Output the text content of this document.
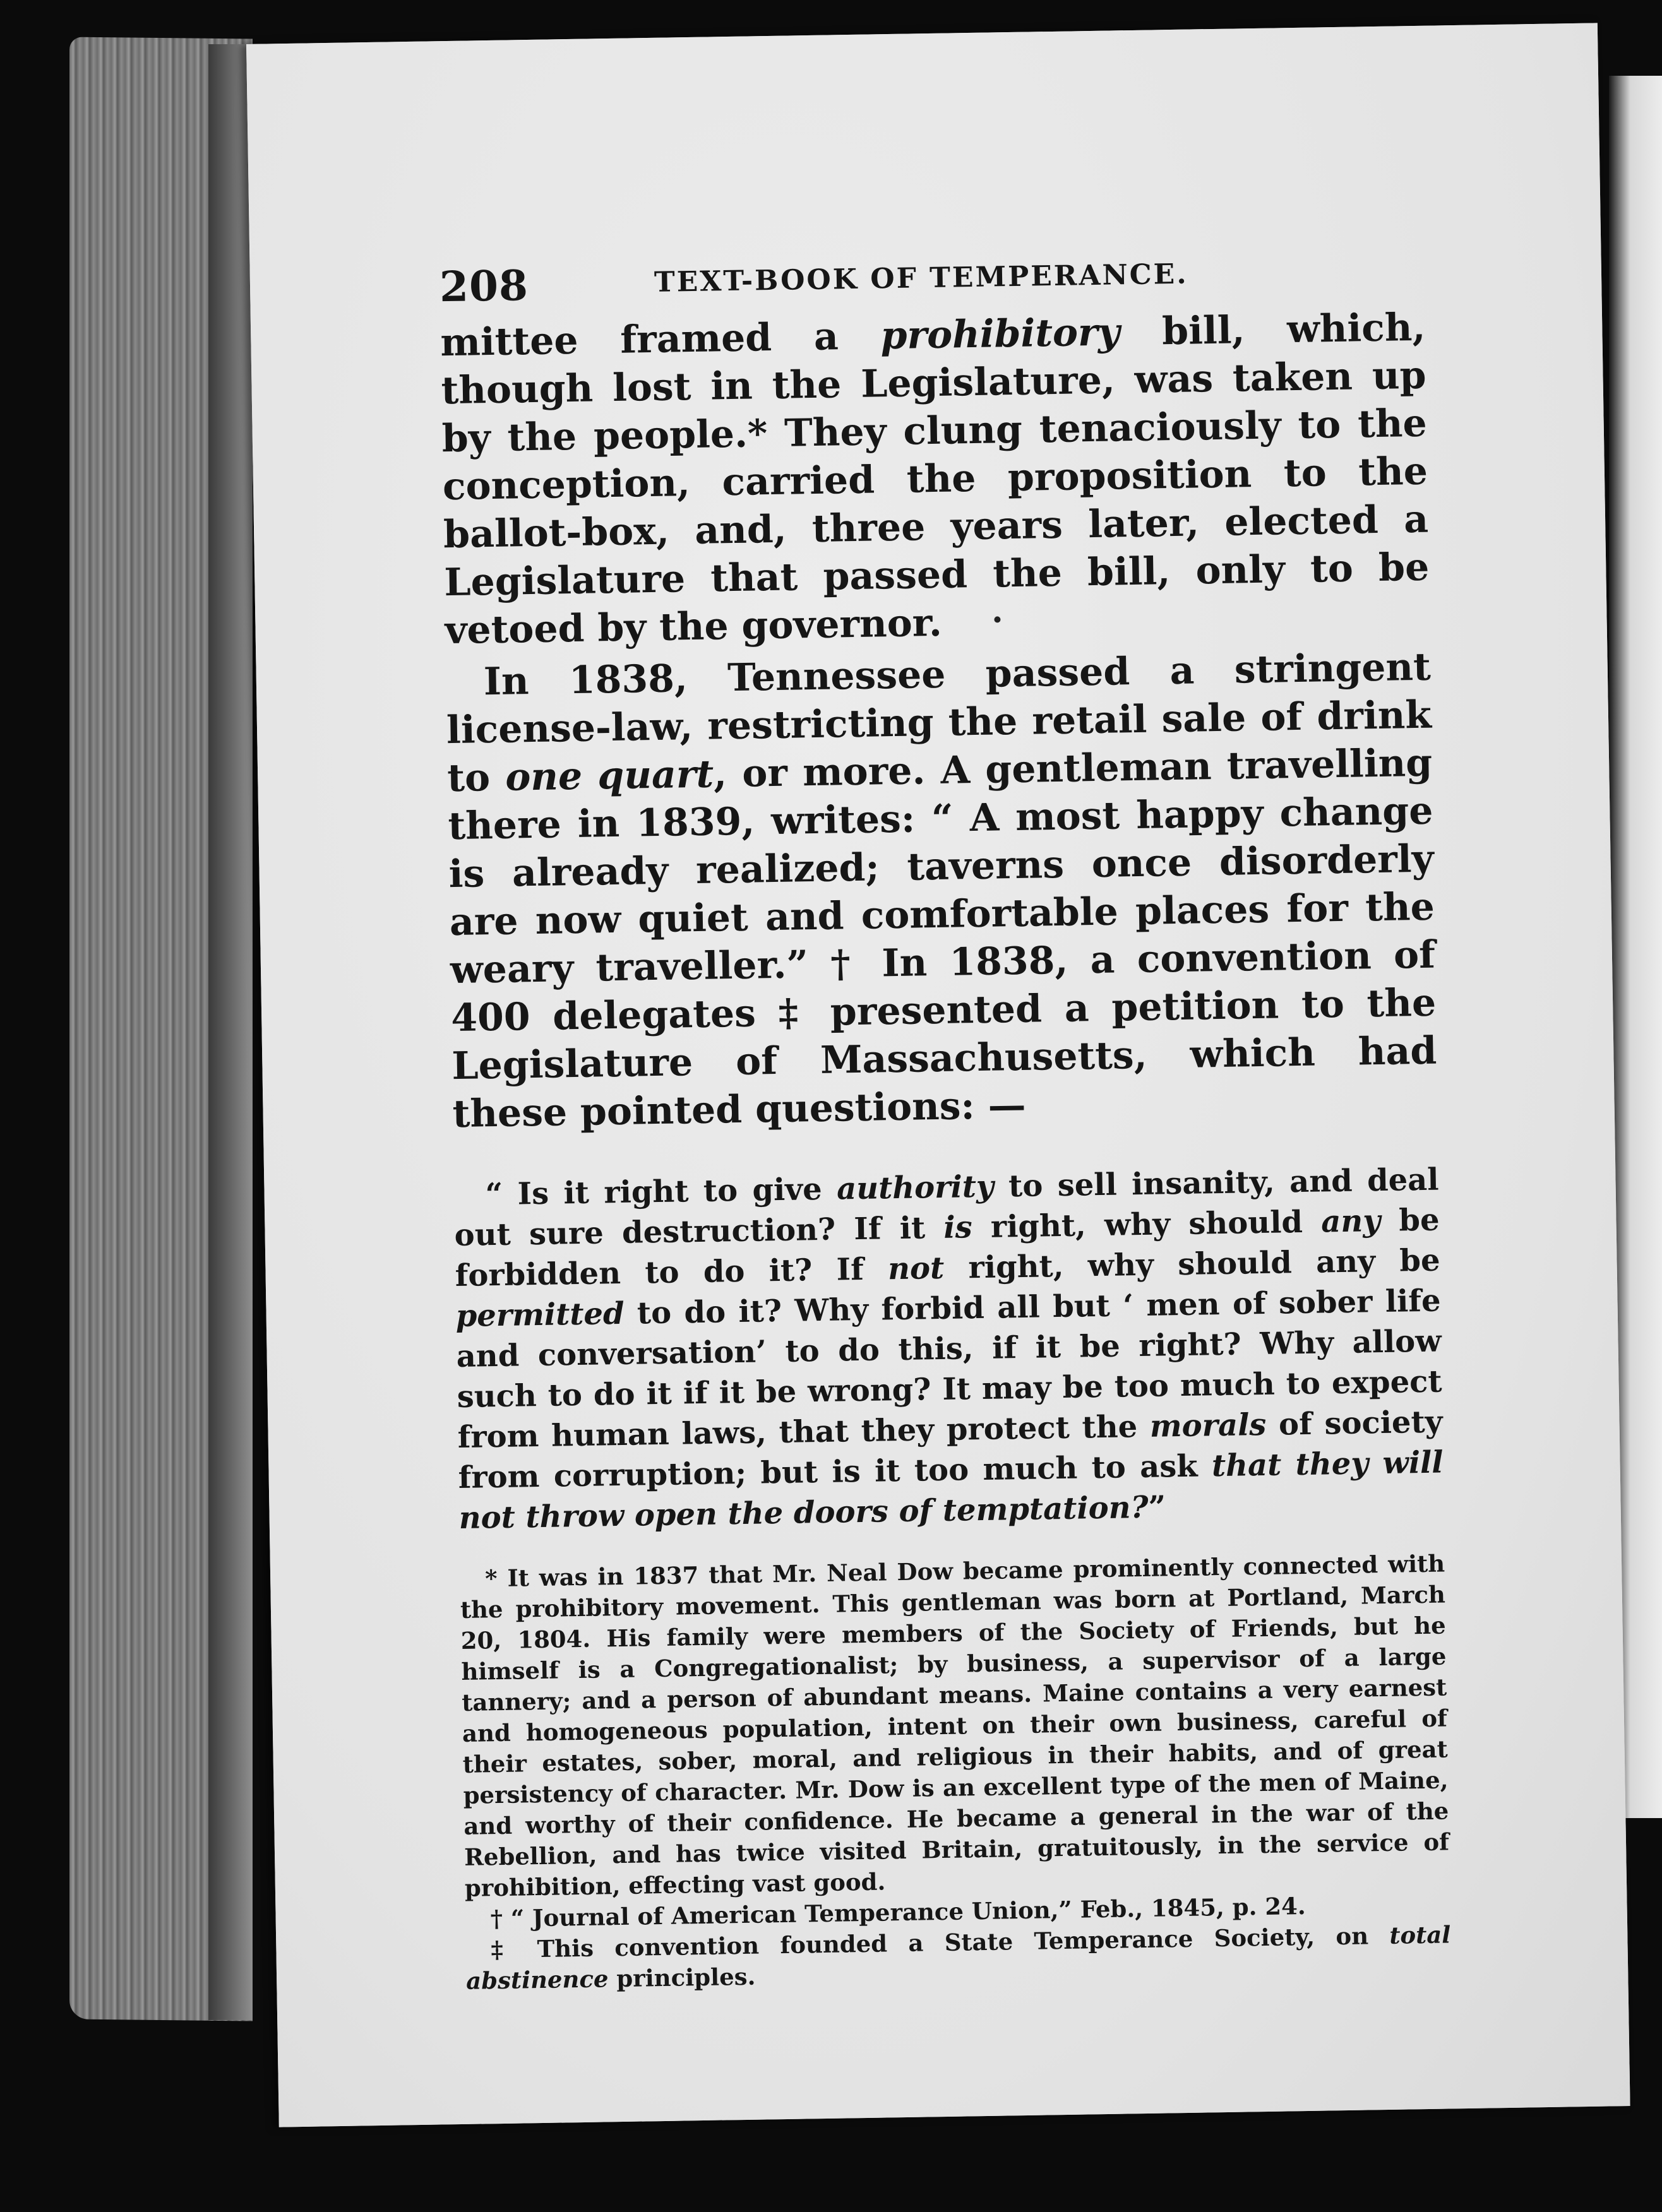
208	TEXT-BOOK OF TEMPERANCE.

mittee framed a prohibitory bill, which, though lost in the Legislature, was taken up by the people.* They clung tenaciously to the conception, carried the proposition to the ballot-box, and, three years later, elected a Legislature that passed the bill, only to be vetoed by the governor.

In 1838, Tennessee passed a stringent license-law, restricting the retail sale of drink to one quart, or more. A gentleman travelling there in 1839, writes: “ A most happy change is already realized; taverns once disorderly are now quiet and comfortable places for the weary traveller.” † In 1838, a convention of 400 delegates ‡ presented a petition to the Legislature of Massachusetts, which had these pointed questions: —

“ Is it right to give authority to sell insanity, and deal out sure destruction? If it is right, why should any be forbidden to do it? If not right, why should any be permitted to do it? Why forbid all but ‘ men of sober life and conversation’ to do this, if it be right? Why allow such to do it if it be wrong? It may be too much to expect from human laws, that they protect the morals of society from corruption; but is it too much to ask that they will not throw open the doors of temptation?”

* It was in 1837 that Mr. Neal Dow became prominently connected with the prohibitory movement. This gentleman was born at Portland, March 20, 1804. His family were members of the Society of Friends, but he himself is a Congregationalist; by business, a supervisor of a large tannery; and a person of abundant means. Maine contains a very earnest and homogeneous population, intent on their own business, careful of their estates, sober, moral, and religious in their habits, and of great persistency of character. Mr. Dow is an excellent type of the men of Maine, and worthy of their confidence. He became a general in the war of the Rebellion, and has twice visited Britain, gratuitously, in the service of prohibition, effecting vast good.

† “ Journal of American Temperance Union,” Feb., 1845, p. 24.

‡ This convention founded a State Temperance Society, on total abstinence principles.
